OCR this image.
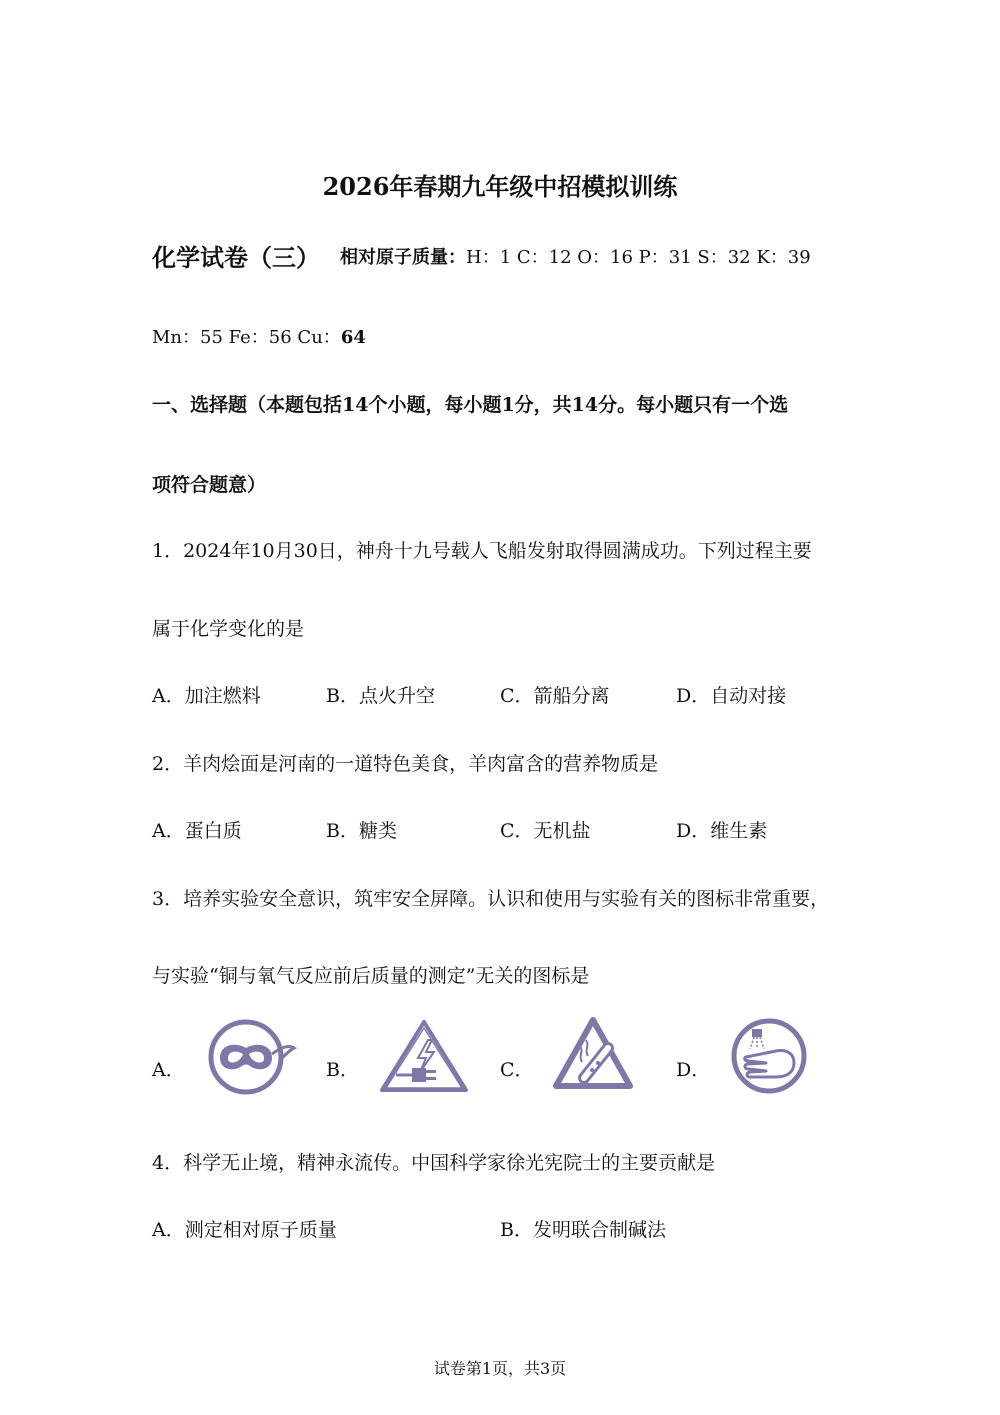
2026年春期九年级中招模拟训练
化学试卷（三） 相对原子质量：H：1 C：12 O：16 P：31 S：32 K：39
Mn：55 Fe：56 Cu：64
一、选择题（本题包括14个小题，每小题1分，共14分。每小题只有一个选
项符合题意）
1．2024年10月30日，神舟十九号载人飞船发射取得圆满成功。下列过程主要
属于化学变化的是
A．加注燃料	B．点火升空	C．箭船分离	D．自动对接
2．羊肉烩面是河南的一道特色美食，羊肉富含的营养物质是
A．蛋白质	B．糖类	C．无机盐	D．维生素
3．培养实验安全意识，筑牢安全屏障。认识和使用与实验有关的图标非常重要，
与实验“铜与氧气反应前后质量的测定”无关的图标是
A．	B．	C．	D．
4．科学无止境，精神永流传。中国科学家徐光宪院士的主要贡献是
A．测定相对原子质量	B．发明联合制碱法
试卷第1页，共3页
